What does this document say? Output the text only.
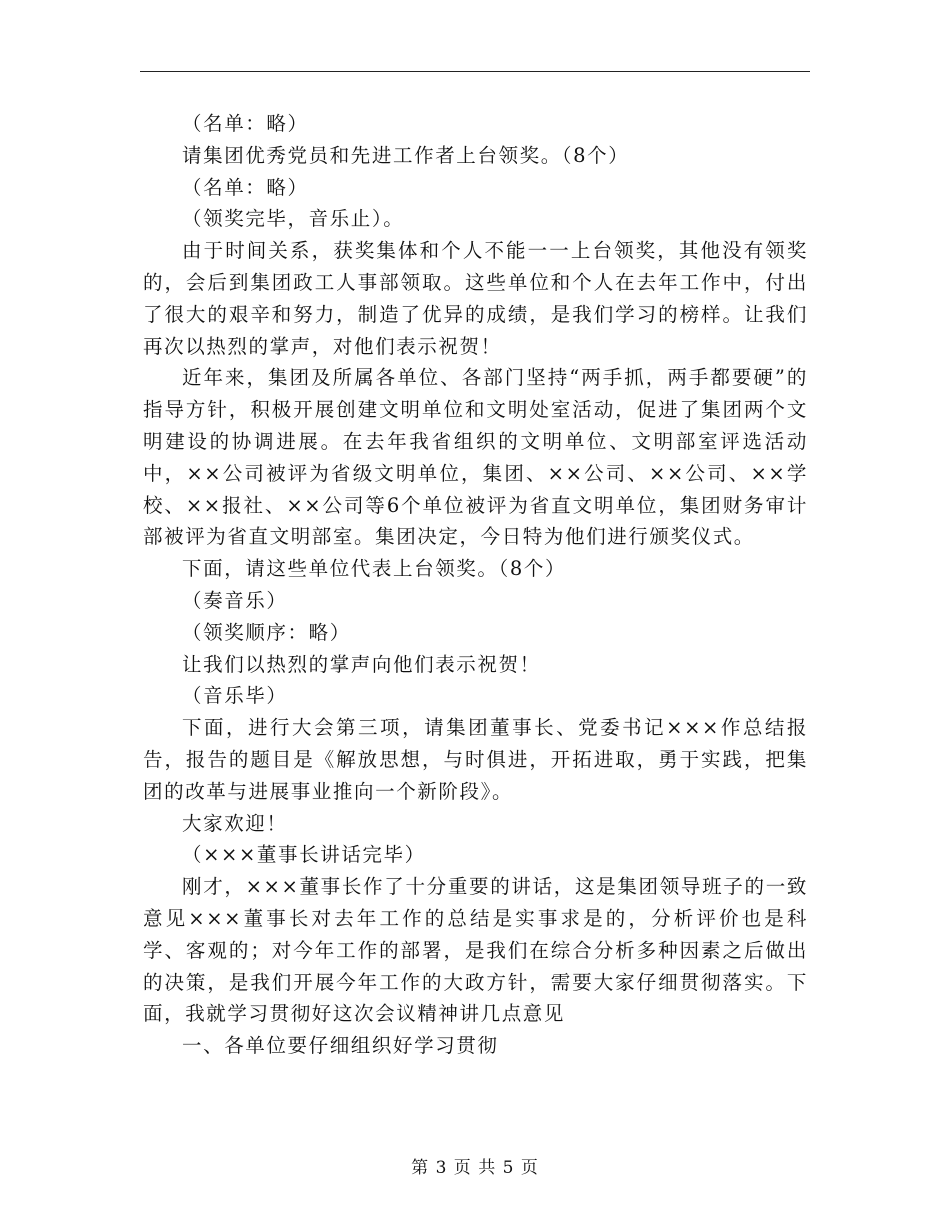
（名单：略）

请集团优秀党员和先进工作者上台领奖。（8个）

（名单：略）

（领奖完毕，音乐止）。

由于时间关系，获奖集体和个人不能一一上台领奖，其他没有领奖的，会后到集团政工人事部领取。这些单位和个人在去年工作中，付出了很大的艰辛和努力，制造了优异的成绩，是我们学习的榜样。让我们再次以热烈的掌声，对他们表示祝贺！

近年来，集团及所属各单位、各部门坚持“两手抓，两手都要硬”的指导方针，积极开展创建文明单位和文明处室活动，促进了集团两个文明建设的协调进展。在去年我省组织的文明单位、文明部室评选活动中，××公司被评为省级文明单位，集团、××公司、××公司、××学校、××报社、××公司等6个单位被评为省直文明单位，集团财务审计部被评为省直文明部室。集团决定，今日特为他们进行颁奖仪式。

下面，请这些单位代表上台领奖。（8个）

（奏音乐）

（领奖顺序：略）

让我们以热烈的掌声向他们表示祝贺！

（音乐毕）

下面，进行大会第三项，请集团董事长、党委书记×××作总结报告，报告的题目是《解放思想，与时俱进，开拓进取，勇于实践，把集团的改革与进展事业推向一个新阶段》。

大家欢迎！

（×××董事长讲话完毕）

刚才，×××董事长作了十分重要的讲话，这是集团领导班子的一致意见×××董事长对去年工作的总结是实事求是的，分析评价也是科学、客观的；对今年工作的部署，是我们在综合分析多种因素之后做出的决策，是我们开展今年工作的大政方针，需要大家仔细贯彻落实。下面，我就学习贯彻好这次会议精神讲几点意见

一、各单位要仔细组织好学习贯彻

第 3 页 共 5 页
